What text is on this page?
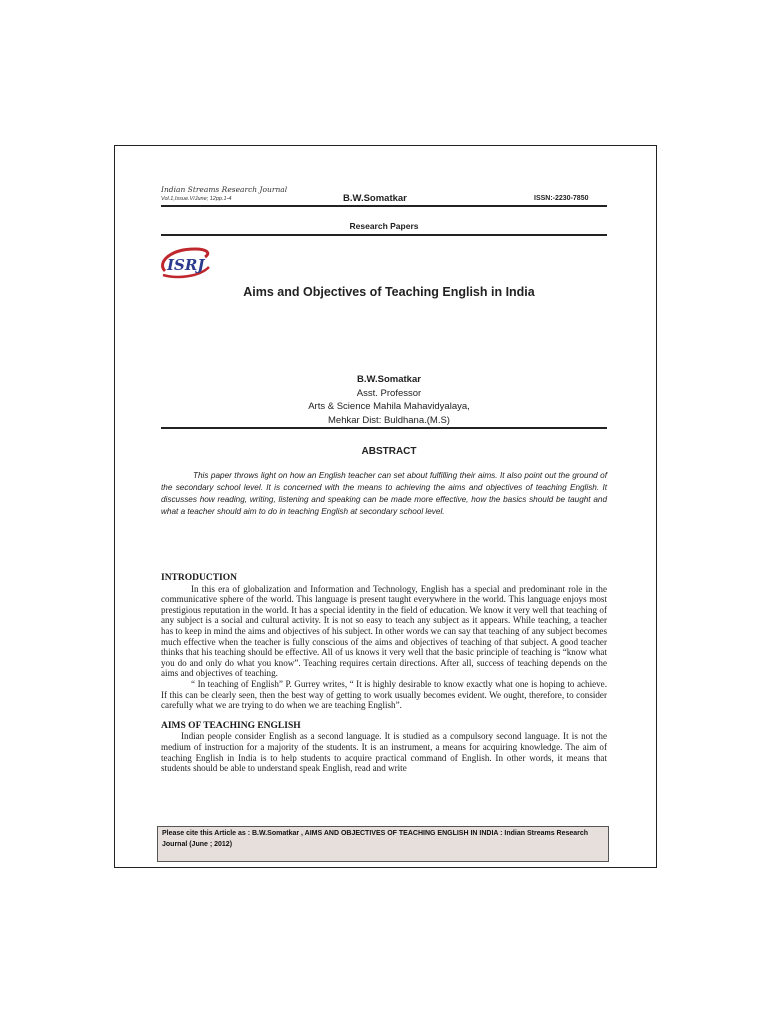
Indian Streams Research Journal
Vol.1,Issue.V/June; 12pp.1-4	B.W.Somatkar	ISSN:-2230-7850
Research Papers
ISRJ
Aims and Objectives of Teaching English in India
B.W.Somatkar
Asst. Professor
Arts & Science Mahila Mahavidyalaya,
Mehkar Dist: Buldhana.(M.S)
ABSTRACT
This paper throws light on how an English teacher can set about fulfilling their aims. It also point out the ground of the secondary school level. It is concerned with the means to achieving the aims and objectives of teaching English. It discusses how reading, writing, listening and speaking can be made more effective, how the basics should be taught and what a teacher should aim to do in teaching English at secondary school level.
INTRODUCTION

In this era of globalization and Information and Technology, English has a special and predominant role in the communicative sphere of the world. This language is present taught everywhere in the world. This language enjoys most prestigious reputation in the world. It has a special identity in the field of education. We know it very well that teaching of any subject is a social and cultural activity. It is not so easy to teach any subject as it appears. While teaching, a teacher has to keep in mind the aims and objectives of his subject. In other words we can say that teaching of any subject becomes much effective when the teacher is fully conscious of the aims and objectives of teaching of that subject. A good teacher thinks that his teaching should be effective. All of us knows it very well that the basic principle of teaching is “know what you do and only do what you know”. Teaching requires certain directions. After all, success of teaching depends on the aims and objectives of teaching.

“ In teaching of English” P. Gurrey writes, “ It is highly desirable to know exactly what one is hoping to achieve. If this can be clearly seen, then the best way of getting to work usually becomes evident. We ought, therefore, to consider carefully what we are trying to do when we are teaching English”.

AIMS OF TEACHING ENGLISH

Indian people consider English as a second language. It is studied as a compulsory second language. It is not the medium of instruction for a majority of the students. It is an instrument, a means for acquiring knowledge. The aim of teaching English in India is to help students to acquire practical command of English. In other words, it means that students should be able to understand speak English, read and write

Please cite this Article as : B.W.Somatkar , AIMS AND OBJECTIVES OF TEACHING ENGLISH IN INDIA : Indian Streams Research Journal (June ; 2012)
